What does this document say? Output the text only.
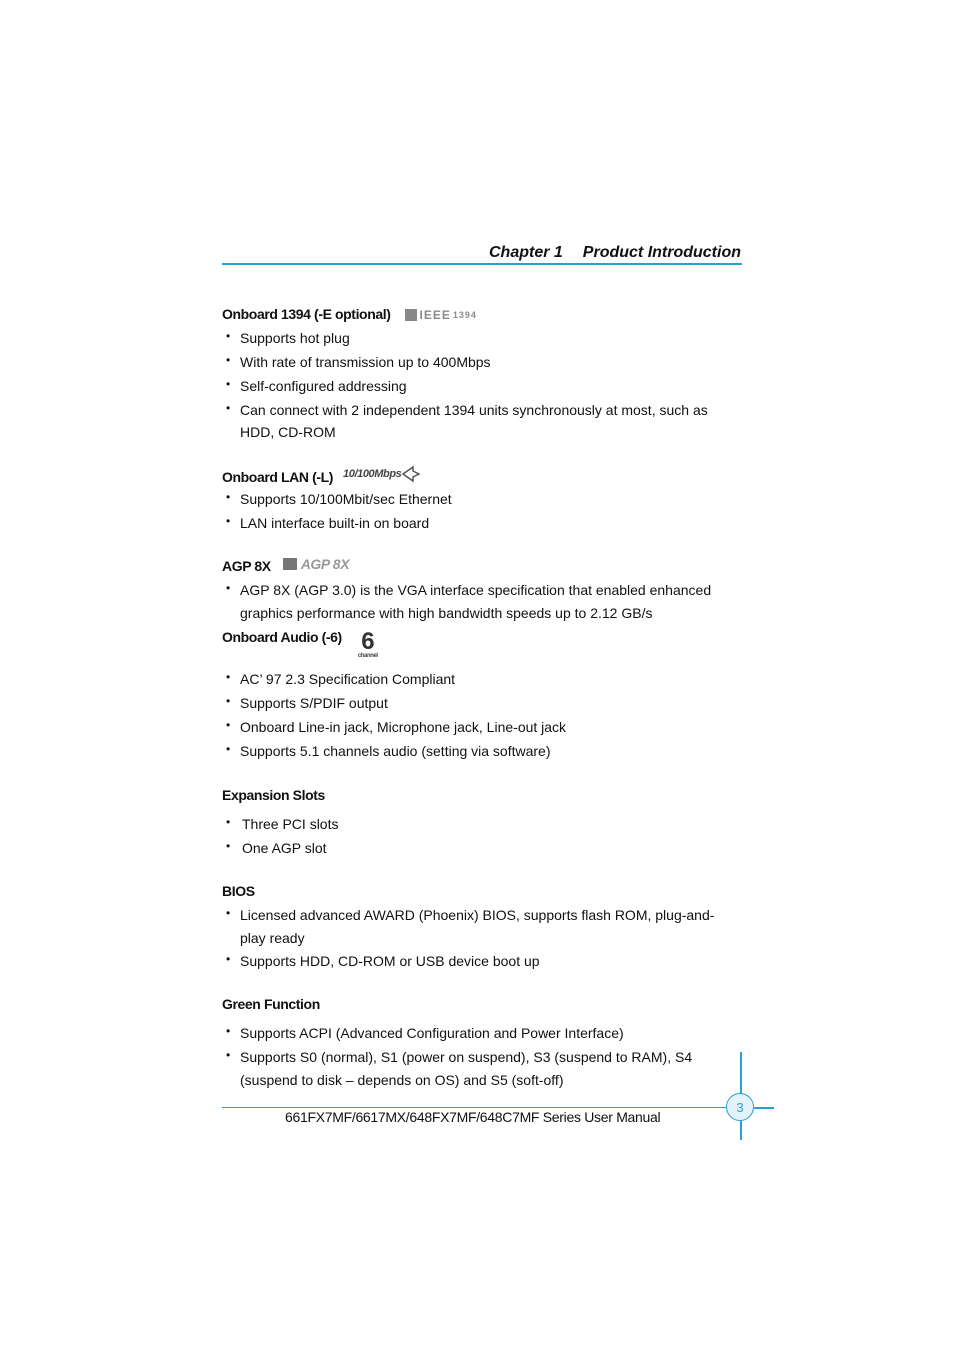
Chapter 1 Product Introduction
Onboard 1394 (-E optional) IEEE 1394
• Supports hot plug
• With rate of transmission up to 400Mbps
• Self-configured addressing
• Can connect with 2 independent 1394 units synchronously at most, such as
HDD, CD-ROM
Onboard LAN (-L) 10/100Mbps
• Supports 10/100Mbit/sec Ethernet
• LAN interface built-in on board
AGP 8X AGP 8X
• AGP 8X (AGP 3.0) is the VGA interface specification that enabled enhanced
graphics performance with high bandwidth speeds up to 2.12 GB/s
Onboard Audio (-6) 6
channel
• AC’ 97 2.3 Specification Compliant
• Supports S/PDIF output
• Onboard Line-in jack, Microphone jack, Line-out jack
• Supports 5.1 channels audio (setting via software)
Expansion Slots
• Three PCI slots
• One AGP slot
BIOS
• Licensed advanced AWARD (Phoenix) BIOS, supports flash ROM, plug-and-
play ready
• Supports HDD, CD-ROM or USB device boot up
Green Function
• Supports ACPI (Advanced Configuration and Power Interface)
• Supports S0 (normal), S1 (power on suspend), S3 (suspend to RAM), S4
(suspend to disk – depends on OS) and S5 (soft-off)
661FX7MF/6617MX/648FX7MF/648C7MF Series User Manual
3
